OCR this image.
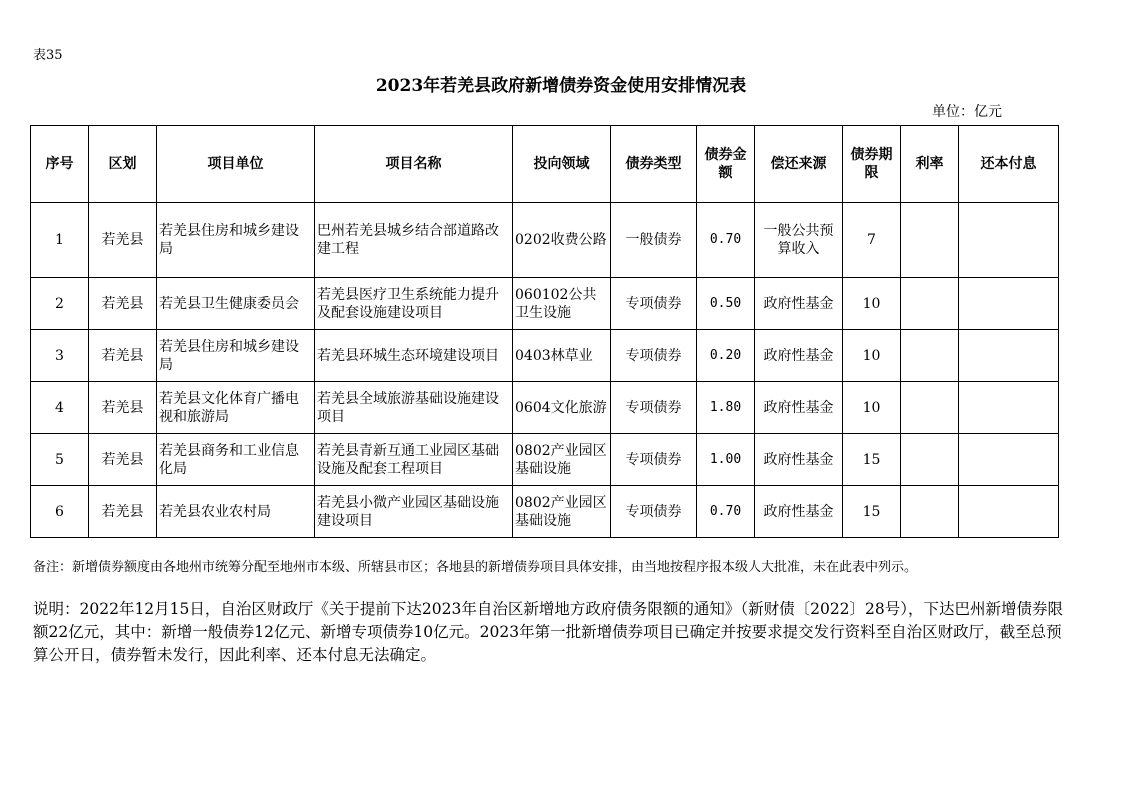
表35
2023年若羌县政府新增债券资金使用安排情况表
单位：亿元
序号	区划	项目单位	项目名称	投向领域	债券类型	债券金额	偿还来源	债券期限	利率	还本付息
1	若羌县	若羌县住房和城乡建设局	巴州若羌县城乡结合部道路改建工程	0202收费公路	一般债券	0.70	一般公共预算收入	7		
2	若羌县	若羌县卫生健康委员会	若羌县医疗卫生系统能力提升及配套设施建设项目	060102公共卫生设施	专项债券	0.50	政府性基金	10		
3	若羌县	若羌县住房和城乡建设局	若羌县环城生态环境建设项目	0403林草业	专项债券	0.20	政府性基金	10		
4	若羌县	若羌县文化体育广播电视和旅游局	若羌县全域旅游基础设施建设项目	0604文化旅游	专项债券	1.80	政府性基金	10		
5	若羌县	若羌县商务和工业信息化局	若羌县青新互通工业园区基础设施及配套工程项目	0802产业园区基础设施	专项债券	1.00	政府性基金	15		
6	若羌县	若羌县农业农村局	若羌县小微产业园区基础设施建设项目	0802产业园区基础设施	专项债券	0.70	政府性基金	15		
备注：新增债券额度由各地州市统筹分配至地州市本级、所辖县市区；各地县的新增债券项目具体安排，由当地按程序报本级人大批准，未在此表中列示。
说明：2022年12月15日，自治区财政厅《关于提前下达2023年自治区新增地方政府债务限额的通知》（新财债〔2022〕28号），下达巴州新增债券限额22亿元，其中：新增一般债券12亿元、新增专项债券10亿元。2023年第一批新增债券项目已确定并按要求提交发行资料至自治区财政厅，截至总预算公开日，债券暂未发行，因此利率、还本付息无法确定。
